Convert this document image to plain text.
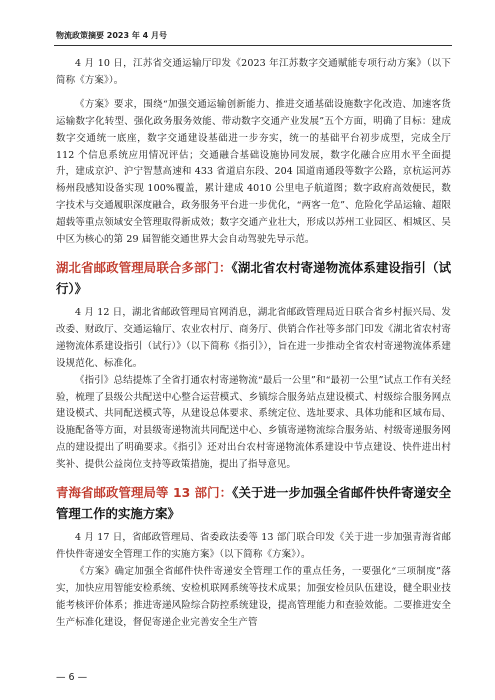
物流政策摘要 2023 年 4 月号

4 月 10 日，江苏省交通运输厅印发《2023 年江苏数字交通赋能专项行动方案》（以下简称《方案》）。

《方案》要求，围绕“加强交通运输创新能力、推进交通基础设施数字化改造、加速客货运输数字化转型、强化政务服务效能、带动数字交通产业发展”五个方面，明确了目标：建成数字交通统一底座，数字交通建设基础进一步夯实，统一的基础平台初步成型，完成全厅 112 个信息系统应用情况评估；交通融合基础设施协同发展，数字化融合应用水平全面提升，建成京沪、沪宁智慧高速和 433 省道启东段、204 国道南通段等数字公路，京杭运河苏杨州段感知设备实现 100%覆盖，累计建成 4010 公里电子航道图；数字政府高效便民，数字技术与交通履职深度融合，政务服务平台进一步优化，“两客一危”、危险化学品运输、超限超载等重点领域安全管理取得新成效；数字交通产业壮大，形成以苏州工业园区、相城区、吴中区为核心的第 29 届智能交通世界大会自动驾驶先导示范。

湖北省邮政管理局联合多部门：《湖北省农村寄递物流体系建设指引（试行）》

4 月 12 日，湖北省邮政管理局官网消息，湖北省邮政管理局近日联合省乡村振兴局、发改委、财政厅、交通运输厅、农业农村厅、商务厅、供销合作社等多部门印发《湖北省农村寄递物流体系建设指引（试行）》（以下简称《指引》），旨在进一步推动全省农村寄递物流体系建设规范化、标准化。

《指引》总结提炼了全省打通农村寄递物流“最后一公里”和“最初一公里”试点工作有关经验，梳理了县级公共配送中心整合运营模式、乡镇综合服务站点建设模式、村级综合服务网点建设模式、共同配送模式等，从建设总体要求、系统定位、选址要求、具体功能和区域布局、设施配备等方面，对县级寄递物流共同配送中心、乡镇寄递物流综合服务站、村级寄递服务网点的建设提出了明确要求。《指引》还对出台农村寄递物流体系建设中节点建设、快件进出村奖补、提供公益岗位支持等政策措施，提出了指导意见。

青海省邮政管理局等 13 部门：《关于进一步加强全省邮件快件寄递安全管理工作的实施方案》

4 月 17 日，省邮政管理局、省委政法委等 13 部门联合印发《关于进一步加强青海省邮件快件寄递安全管理工作的实施方案》（以下简称《方案》）。

《方案》确定加强全省邮件快件寄递安全管理工作的重点任务，一要强化“三项制度”落实，加快应用智能安检系统、安检机联网系统等技术成果；加强安检员队伍建设，健全职业技能考核评价体系；推进寄递风险综合防控系统建设，提高管理能力和查验效能。二要推进安全生产标准化建设，督促寄递企业完善安全生产管

— 6 —
